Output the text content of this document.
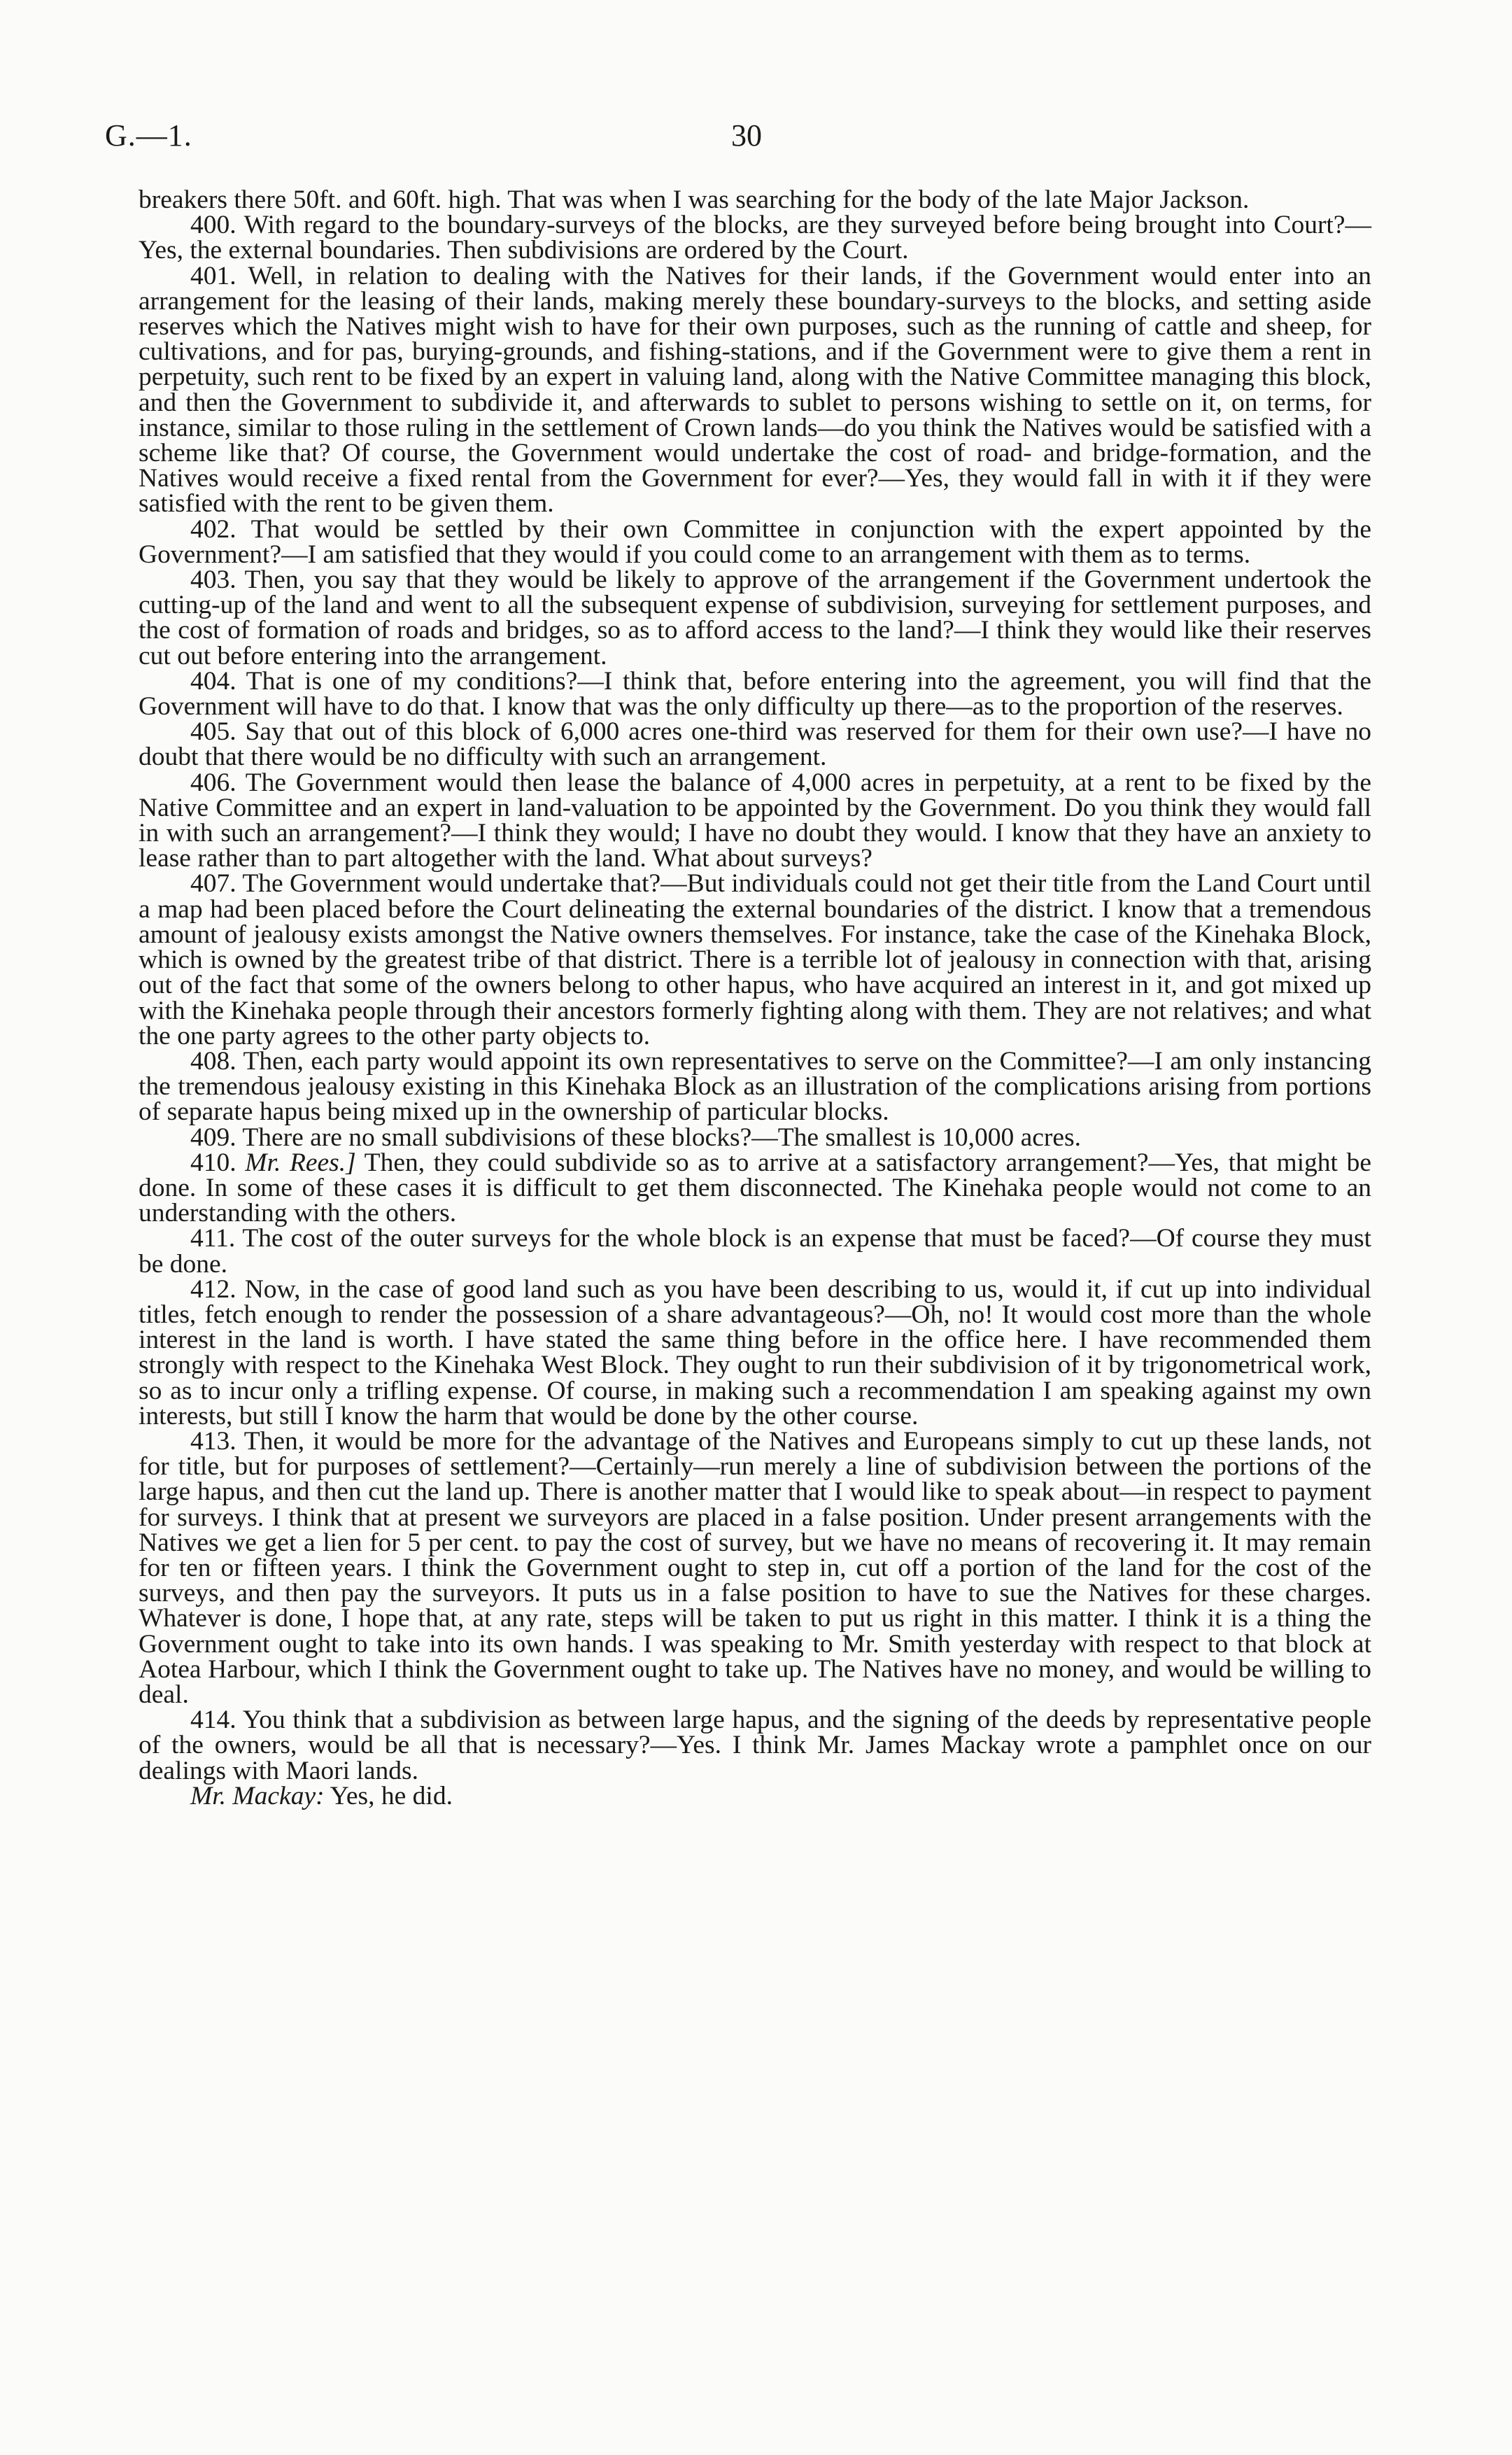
G.—1.	30

breakers there 50ft. and 60ft. high. That was when I was searching for the body of the late Major Jackson.

400. With regard to the boundary-surveys of the blocks, are they surveyed before being brought into Court?—Yes, the external boundaries. Then subdivisions are ordered by the Court.

401. Well, in relation to dealing with the Natives for their lands, if the Government would enter into an arrangement for the leasing of their lands, making merely these boundary-surveys to the blocks, and setting aside reserves which the Natives might wish to have for their own purposes, such as the running of cattle and sheep, for cultivations, and for pas, burying-grounds, and fishing-stations, and if the Government were to give them a rent in perpetuity, such rent to be fixed by an expert in valuing land, along with the Native Committee managing this block, and then the Government to subdivide it, and afterwards to sublet to persons wishing to settle on it, on terms, for instance, similar to those ruling in the settlement of Crown lands—do you think the Natives would be satisfied with a scheme like that? Of course, the Government would undertake the cost of road- and bridge-formation, and the Natives would receive a fixed rental from the Government for ever?—Yes, they would fall in with it if they were satisfied with the rent to be given them.

402. That would be settled by their own Committee in conjunction with the expert appointed by the Government?—I am satisfied that they would if you could come to an arrangement with them as to terms.

403. Then, you say that they would be likely to approve of the arrangement if the Government undertook the cutting-up of the land and went to all the subsequent expense of subdivision, surveying for settlement purposes, and the cost of formation of roads and bridges, so as to afford access to the land?—I think they would like their reserves cut out before entering into the arrangement.

404. That is one of my conditions?—I think that, before entering into the agreement, you will find that the Government will have to do that. I know that was the only difficulty up there—as to the proportion of the reserves.

405. Say that out of this block of 6,000 acres one-third was reserved for them for their own use?—I have no doubt that there would be no difficulty with such an arrangement.

406. The Government would then lease the balance of 4,000 acres in perpetuity, at a rent to be fixed by the Native Committee and an expert in land-valuation to be appointed by the Government. Do you think they would fall in with such an arrangement?—I think they would; I have no doubt they would. I know that they have an anxiety to lease rather than to part altogether with the land. What about surveys?

407. The Government would undertake that?—But individuals could not get their title from the Land Court until a map had been placed before the Court delineating the external boundaries of the district. I know that a tremendous amount of jealousy exists amongst the Native owners themselves. For instance, take the case of the Kinehaka Block, which is owned by the greatest tribe of that district. There is a terrible lot of jealousy in connection with that, arising out of the fact that some of the owners belong to other hapus, who have acquired an interest in it, and got mixed up with the Kinehaka people through their ancestors formerly fighting along with them. They are not relatives; and what the one party agrees to the other party objects to.

408. Then, each party would appoint its own representatives to serve on the Committee?—I am only instancing the tremendous jealousy existing in this Kinehaka Block as an illustration of the complications arising from portions of separate hapus being mixed up in the ownership of particular blocks.

409. There are no small subdivisions of these blocks?—The smallest is 10,000 acres.

410. Mr. Rees.] Then, they could subdivide so as to arrive at a satisfactory arrangement?—Yes, that might be done. In some of these cases it is difficult to get them disconnected. The Kinehaka people would not come to an understanding with the others.

411. The cost of the outer surveys for the whole block is an expense that must be faced?—Of course they must be done.

412. Now, in the case of good land such as you have been describing to us, would it, if cut up into individual titles, fetch enough to render the possession of a share advantageous?—Oh, no! It would cost more than the whole interest in the land is worth. I have stated the same thing before in the office here. I have recommended them strongly with respect to the Kinehaka West Block. They ought to run their subdivision of it by trigonometrical work, so as to incur only a trifling expense. Of course, in making such a recommendation I am speaking against my own interests, but still I know the harm that would be done by the other course.

413. Then, it would be more for the advantage of the Natives and Europeans simply to cut up these lands, not for title, but for purposes of settlement?—Certainly—run merely a line of subdivision between the portions of the large hapus, and then cut the land up. There is another matter that I would like to speak about—in respect to payment for surveys. I think that at present we surveyors are placed in a false position. Under present arrangements with the Natives we get a lien for 5 per cent. to pay the cost of survey, but we have no means of recovering it. It may remain for ten or fifteen years. I think the Government ought to step in, cut off a portion of the land for the cost of the surveys, and then pay the surveyors. It puts us in a false position to have to sue the Natives for these charges. Whatever is done, I hope that, at any rate, steps will be taken to put us right in this matter. I think it is a thing the Government ought to take into its own hands. I was speaking to Mr. Smith yesterday with respect to that block at Aotea Harbour, which I think the Government ought to take up. The Natives have no money, and would be willing to deal.

414. You think that a subdivision as between large hapus, and the signing of the deeds by representative people of the owners, would be all that is necessary?—Yes. I think Mr. James Mackay wrote a pamphlet once on our dealings with Maori lands.

Mr. Mackay: Yes, he did.
